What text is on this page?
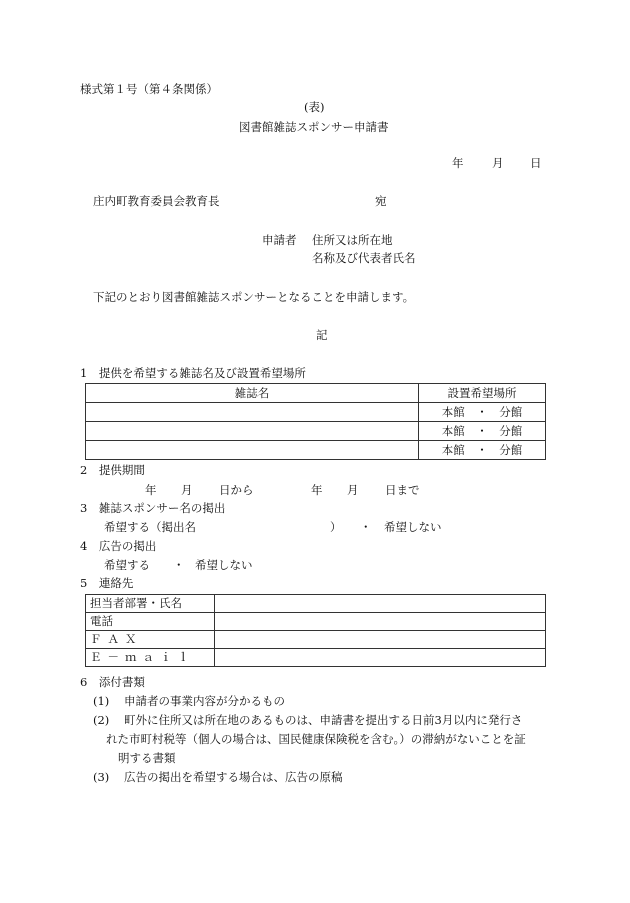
様式第１号（第４条関係）
(表)
図書館雑誌スポンサー申請書
年 月 日
庄内町教育委員会教育長	宛
申請者 住所又は所在地
名称及び代表者氏名
下記のとおり図書館雑誌スポンサーとなることを申請します。
記
1　提供を希望する雑誌名及び設置希望場所
雑誌名	設置希望場所
	本館　・　分館
	本館　・　分館
	本館　・　分館
2　提供期間
年 月 日から	年 月 日まで
3　雑誌スポンサー名の掲出
希望する（掲出名	） ・ 希望しない
4　広告の掲出
希望する ・ 希望しない
5　連絡先
担当者部署・氏名	
電話	
ＦＡＸ	
Ｅ－ｍａｉｌ	
6　添付書類
(1) 申請者の事業内容が分かるもの
(2) 町外に住所又は所在地のあるものは、申請書を提出する日前3月以内に発行さ
れた市町村税等（個人の場合は、国民健康保険税を含む。）の滞納がないことを証
明する書類
(3) 広告の掲出を希望する場合は、広告の原稿
